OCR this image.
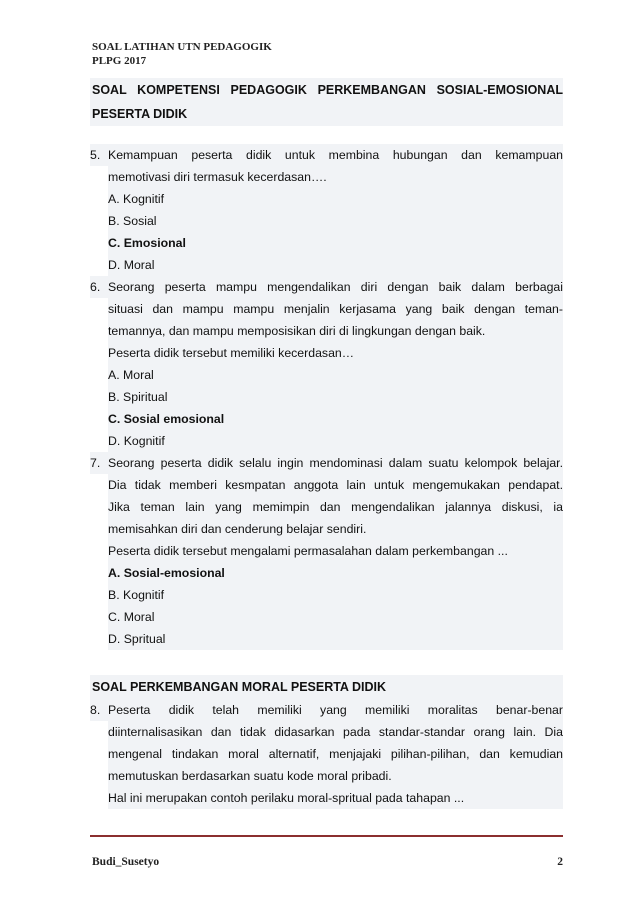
SOAL LATIHAN UTN PEDAGOGIK
PLPG 2017
SOAL KOMPETENSI PEDAGOGIK PERKEMBANGAN SOSIAL-EMOSIONAL
PESERTA DIDIK
5. Kemampuan peserta didik untuk membina hubungan dan kemampuan
memotivasi diri termasuk kecerdasan….
A. Kognitif
B. Sosial
C. Emosional
D. Moral
6. Seorang peserta mampu mengendalikan diri dengan baik dalam berbagai
situasi dan mampu mampu menjalin kerjasama yang baik dengan teman-
temannya, dan mampu memposisikan diri di lingkungan dengan baik.
Peserta didik tersebut memiliki kecerdasan…
A. Moral
B. Spiritual
C. Sosial emosional
D. Kognitif
7. Seorang peserta didik selalu ingin mendominasi dalam suatu kelompok belajar.
Dia tidak memberi kesmpatan anggota lain untuk mengemukakan pendapat.
Jika teman lain yang memimpin dan mengendalikan jalannya diskusi, ia
memisahkan diri dan cenderung belajar sendiri.
Peserta didik tersebut mengalami permasalahan dalam perkembangan ...
A. Sosial-emosional
B. Kognitif
C. Moral
D. Spritual
SOAL PERKEMBANGAN MORAL PESERTA DIDIK
8. Peserta didik telah memiliki yang memiliki moralitas benar-benar
diinternalisasikan dan tidak didasarkan pada standar-standar orang lain. Dia
mengenal tindakan moral alternatif, menjajaki pilihan-pilihan, dan kemudian
memutuskan berdasarkan suatu kode moral pribadi.
Hal ini merupakan contoh perilaku moral-spritual pada tahapan ...
Budi_Susetyo	2
